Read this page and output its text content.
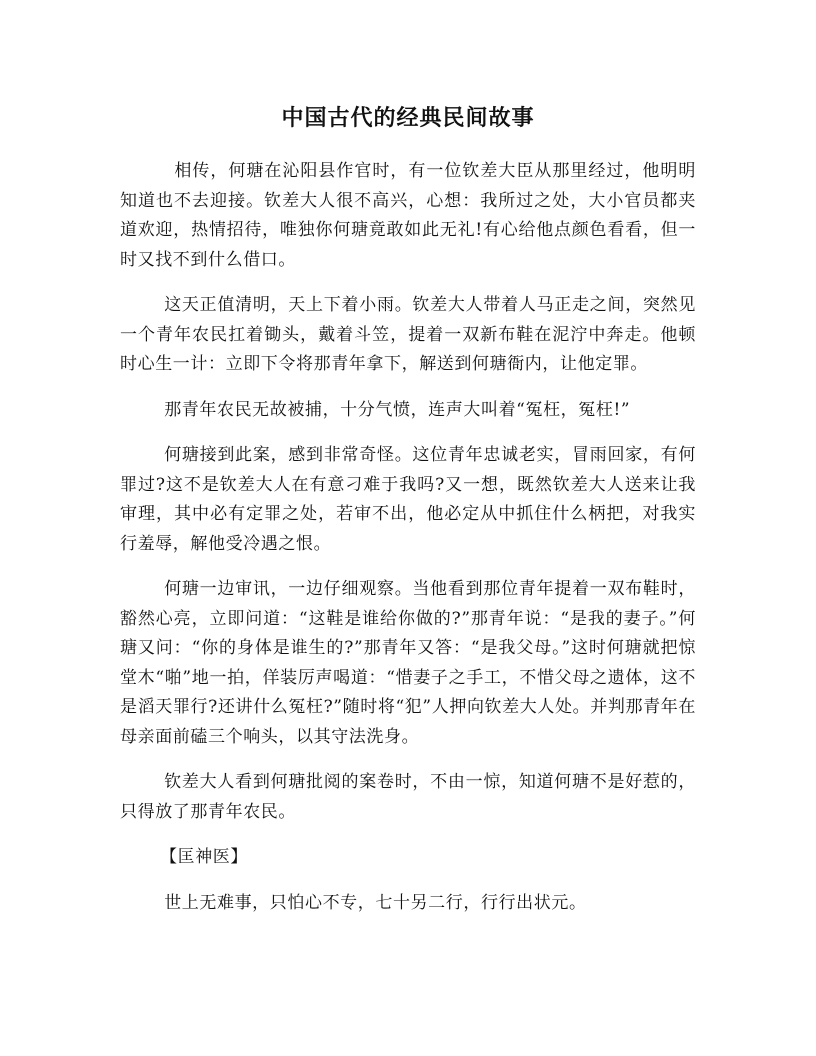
中国古代的经典民间故事

相传，何瑭在沁阳县作官时，有一位钦差大臣从那里经过，他明明知道也不去迎接。钦差大人很不高兴，心想：我所过之处，大小官员都夹道欢迎，热情招待，唯独你何瑭竟敢如此无礼!有心给他点颜色看看，但一时又找不到什么借口。

这天正值清明，天上下着小雨。钦差大人带着人马正走之间，突然见一个青年农民扛着锄头，戴着斗笠，提着一双新布鞋在泥泞中奔走。他顿时心生一计：立即下令将那青年拿下，解送到何瑭衙内，让他定罪。

那青年农民无故被捕，十分气愤，连声大叫着“冤枉，冤枉!”

何瑭接到此案，感到非常奇怪。这位青年忠诚老实，冒雨回家，有何罪过?这不是钦差大人在有意刁难于我吗?又一想，既然钦差大人送来让我审理，其中必有定罪之处，若审不出，他必定从中抓住什么柄把，对我实行羞辱，解他受冷遇之恨。

何瑭一边审讯，一边仔细观察。当他看到那位青年提着一双布鞋时，豁然心亮，立即问道：“这鞋是谁给你做的?”那青年说：“是我的妻子。”何瑭又问：“你的身体是谁生的?”那青年又答：“是我父母。”这时何瑭就把惊堂木“啪”地一拍，佯装厉声喝道：“惜妻子之手工，不惜父母之遗体，这不是滔天罪行?还讲什么冤枉?”随时将“犯”人押向钦差大人处。并判那青年在母亲面前磕三个响头，以其守法洗身。

钦差大人看到何瑭批阅的案卷时，不由一惊，知道何瑭不是好惹的，只得放了那青年农民。

【匡神医】

世上无难事，只怕心不专，七十另二行，行行出状元。
